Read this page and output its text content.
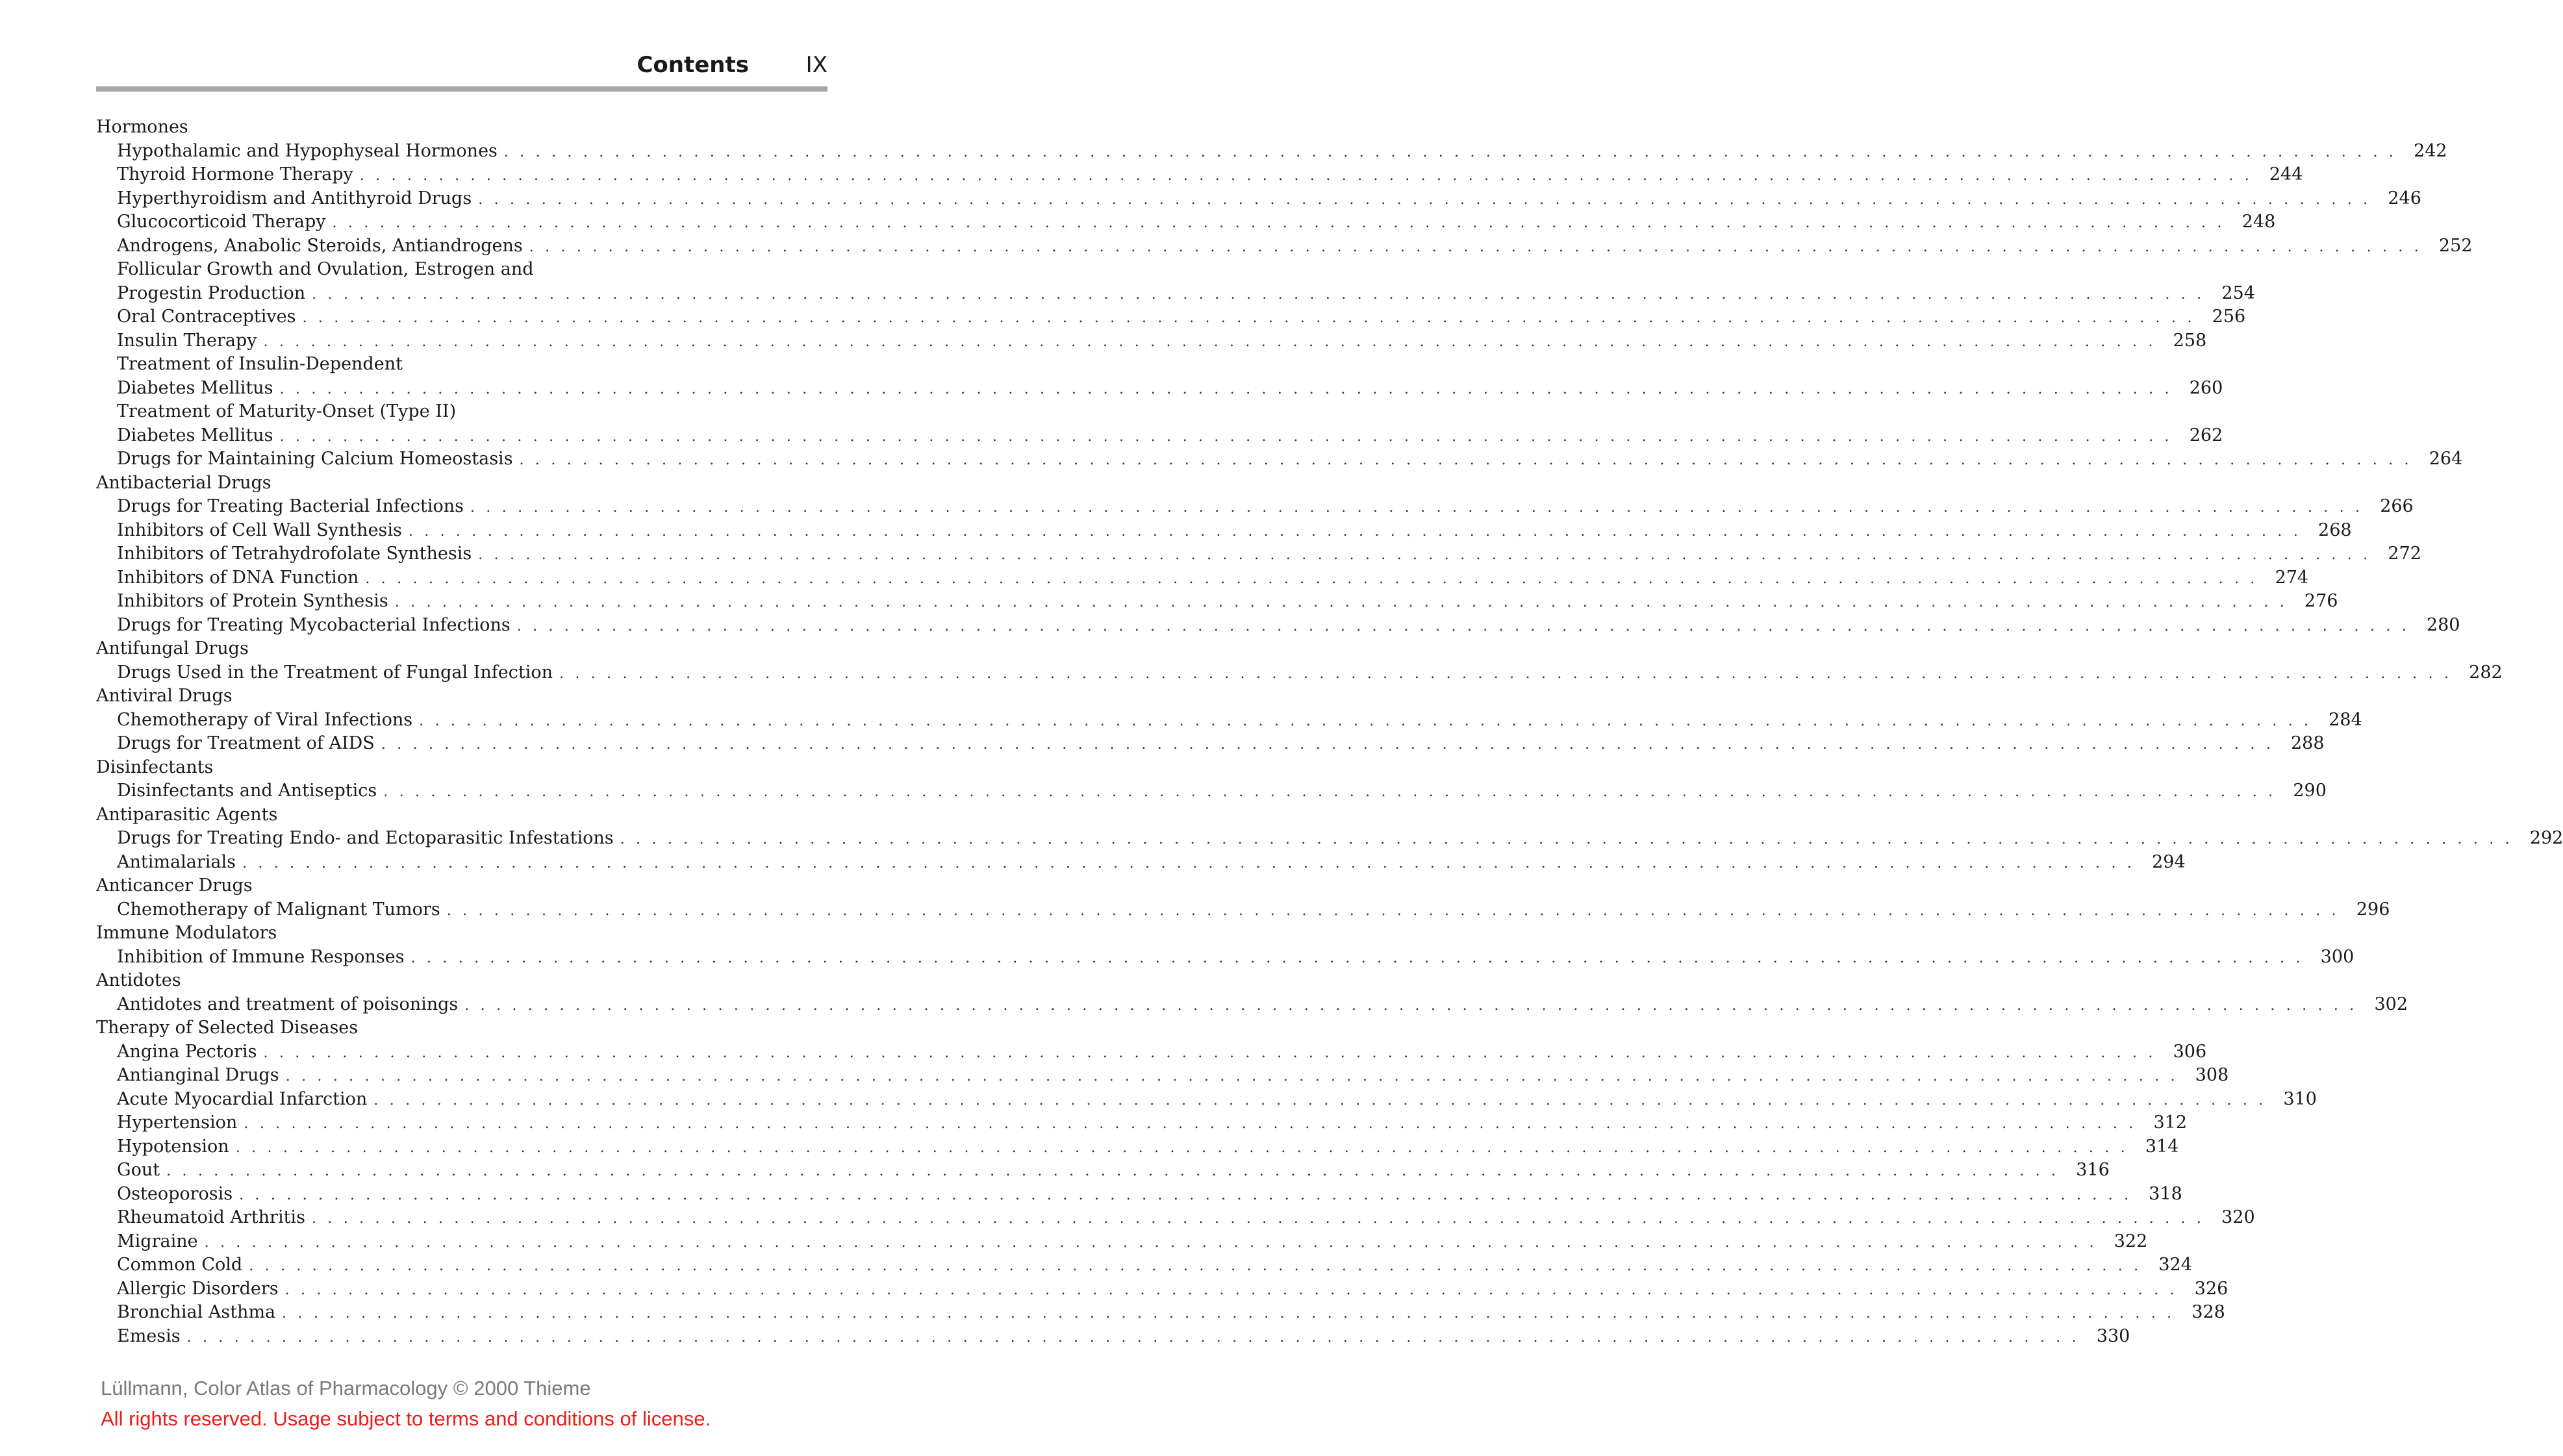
Contents	IX
Hormones
Hypothalamic and Hypophyseal Hormones . . . . . . . . . . . . . . . . . . . . . . . . . . . . . . . . . . . . . . . . . . . . . . . . . . . . . . . . . . . . . . . . . . . . . . . . . . . . . . . . . . . . . . . . . . . . . . . . . . . . . . . . . . . . . . . . . . . . . . . . 242
Thyroid Hormone Therapy . . . . . . . . . . . . . . . . . . . . . . . . . . . . . . . . . . . . . . . . . . . . . . . . . . . . . . . . . . . . . . . . . . . . . . . . . . . . . . . . . . . . . . . . . . . . . . . . . . . . . . . . . . . . . . . . . . . . . . . . 244
Hyperthyroidism and Antithyroid Drugs . . . . . . . . . . . . . . . . . . . . . . . . . . . . . . . . . . . . . . . . . . . . . . . . . . . . . . . . . . . . . . . . . . . . . . . . . . . . . . . . . . . . . . . . . . . . . . . . . . . . . . . . . . . . . . . . . . . . . . . . 246
Glucocorticoid Therapy . . . . . . . . . . . . . . . . . . . . . . . . . . . . . . . . . . . . . . . . . . . . . . . . . . . . . . . . . . . . . . . . . . . . . . . . . . . . . . . . . . . . . . . . . . . . . . . . . . . . . . . . . . . . . . . . . . . . . . . . 248
Androgens, Anabolic Steroids, Antiandrogens . . . . . . . . . . . . . . . . . . . . . . . . . . . . . . . . . . . . . . . . . . . . . . . . . . . . . . . . . . . . . . . . . . . . . . . . . . . . . . . . . . . . . . . . . . . . . . . . . . . . . . . . . . . . . . . . . . . . . . . . 252
Follicular Growth and Ovulation, Estrogen and
Progestin Production . . . . . . . . . . . . . . . . . . . . . . . . . . . . . . . . . . . . . . . . . . . . . . . . . . . . . . . . . . . . . . . . . . . . . . . . . . . . . . . . . . . . . . . . . . . . . . . . . . . . . . . . . . . . . . . . . . . . . . . . 254
Oral Contraceptives . . . . . . . . . . . . . . . . . . . . . . . . . . . . . . . . . . . . . . . . . . . . . . . . . . . . . . . . . . . . . . . . . . . . . . . . . . . . . . . . . . . . . . . . . . . . . . . . . . . . . . . . . . . . . . . . . . . . . . . . 256
Insulin Therapy . . . . . . . . . . . . . . . . . . . . . . . . . . . . . . . . . . . . . . . . . . . . . . . . . . . . . . . . . . . . . . . . . . . . . . . . . . . . . . . . . . . . . . . . . . . . . . . . . . . . . . . . . . . . . . . . . . . . . . . . 258
Treatment of Insulin-Dependent
Diabetes Mellitus . . . . . . . . . . . . . . . . . . . . . . . . . . . . . . . . . . . . . . . . . . . . . . . . . . . . . . . . . . . . . . . . . . . . . . . . . . . . . . . . . . . . . . . . . . . . . . . . . . . . . . . . . . . . . . . . . . . . . . . . 260
Treatment of Maturity-Onset (Type II)
Diabetes Mellitus . . . . . . . . . . . . . . . . . . . . . . . . . . . . . . . . . . . . . . . . . . . . . . . . . . . . . . . . . . . . . . . . . . . . . . . . . . . . . . . . . . . . . . . . . . . . . . . . . . . . . . . . . . . . . . . . . . . . . . . . 262
Drugs for Maintaining Calcium Homeostasis . . . . . . . . . . . . . . . . . . . . . . . . . . . . . . . . . . . . . . . . . . . . . . . . . . . . . . . . . . . . . . . . . . . . . . . . . . . . . . . . . . . . . . . . . . . . . . . . . . . . . . . . . . . . . . . . . . . . . . . . 264
Antibacterial Drugs
Drugs for Treating Bacterial Infections . . . . . . . . . . . . . . . . . . . . . . . . . . . . . . . . . . . . . . . . . . . . . . . . . . . . . . . . . . . . . . . . . . . . . . . . . . . . . . . . . . . . . . . . . . . . . . . . . . . . . . . . . . . . . . . . . . . . . . . . 266
Inhibitors of Cell Wall Synthesis . . . . . . . . . . . . . . . . . . . . . . . . . . . . . . . . . . . . . . . . . . . . . . . . . . . . . . . . . . . . . . . . . . . . . . . . . . . . . . . . . . . . . . . . . . . . . . . . . . . . . . . . . . . . . . . . . . . . . . . . 268
Inhibitors of Tetrahydrofolate Synthesis . . . . . . . . . . . . . . . . . . . . . . . . . . . . . . . . . . . . . . . . . . . . . . . . . . . . . . . . . . . . . . . . . . . . . . . . . . . . . . . . . . . . . . . . . . . . . . . . . . . . . . . . . . . . . . . . . . . . . . . . 272
Inhibitors of DNA Function . . . . . . . . . . . . . . . . . . . . . . . . . . . . . . . . . . . . . . . . . . . . . . . . . . . . . . . . . . . . . . . . . . . . . . . . . . . . . . . . . . . . . . . . . . . . . . . . . . . . . . . . . . . . . . . . . . . . . . . . 274
Inhibitors of Protein Synthesis . . . . . . . . . . . . . . . . . . . . . . . . . . . . . . . . . . . . . . . . . . . . . . . . . . . . . . . . . . . . . . . . . . . . . . . . . . . . . . . . . . . . . . . . . . . . . . . . . . . . . . . . . . . . . . . . . . . . . . . . 276
Drugs for Treating Mycobacterial Infections . . . . . . . . . . . . . . . . . . . . . . . . . . . . . . . . . . . . . . . . . . . . . . . . . . . . . . . . . . . . . . . . . . . . . . . . . . . . . . . . . . . . . . . . . . . . . . . . . . . . . . . . . . . . . . . . . . . . . . . . 280
Antifungal Drugs
Drugs Used in the Treatment of Fungal Infection . . . . . . . . . . . . . . . . . . . . . . . . . . . . . . . . . . . . . . . . . . . . . . . . . . . . . . . . . . . . . . . . . . . . . . . . . . . . . . . . . . . . . . . . . . . . . . . . . . . . . . . . . . . . . . . . . . . . . . . . 282
Antiviral Drugs
Chemotherapy of Viral Infections . . . . . . . . . . . . . . . . . . . . . . . . . . . . . . . . . . . . . . . . . . . . . . . . . . . . . . . . . . . . . . . . . . . . . . . . . . . . . . . . . . . . . . . . . . . . . . . . . . . . . . . . . . . . . . . . . . . . . . . . 284
Drugs for Treatment of AIDS . . . . . . . . . . . . . . . . . . . . . . . . . . . . . . . . . . . . . . . . . . . . . . . . . . . . . . . . . . . . . . . . . . . . . . . . . . . . . . . . . . . . . . . . . . . . . . . . . . . . . . . . . . . . . . . . . . . . . . . . 288
Disinfectants
Disinfectants and Antiseptics . . . . . . . . . . . . . . . . . . . . . . . . . . . . . . . . . . . . . . . . . . . . . . . . . . . . . . . . . . . . . . . . . . . . . . . . . . . . . . . . . . . . . . . . . . . . . . . . . . . . . . . . . . . . . . . . . . . . . . . . 290
Antiparasitic Agents
Drugs for Treating Endo- and Ectoparasitic Infestations . . . . . . . . . . . . . . . . . . . . . . . . . . . . . . . . . . . . . . . . . . . . . . . . . . . . . . . . . . . . . . . . . . . . . . . . . . . . . . . . . . . . . . . . . . . . . . . . . . . . . . . . . . . . . . . . . . . . . . . . 292
Antimalarials . . . . . . . . . . . . . . . . . . . . . . . . . . . . . . . . . . . . . . . . . . . . . . . . . . . . . . . . . . . . . . . . . . . . . . . . . . . . . . . . . . . . . . . . . . . . . . . . . . . . . . . . . . . . . . . . . . . . . . . . 294
Anticancer Drugs
Chemotherapy of Malignant Tumors . . . . . . . . . . . . . . . . . . . . . . . . . . . . . . . . . . . . . . . . . . . . . . . . . . . . . . . . . . . . . . . . . . . . . . . . . . . . . . . . . . . . . . . . . . . . . . . . . . . . . . . . . . . . . . . . . . . . . . . . 296
Immune Modulators
Inhibition of Immune Responses . . . . . . . . . . . . . . . . . . . . . . . . . . . . . . . . . . . . . . . . . . . . . . . . . . . . . . . . . . . . . . . . . . . . . . . . . . . . . . . . . . . . . . . . . . . . . . . . . . . . . . . . . . . . . . . . . . . . . . . . 300
Antidotes
Antidotes and treatment of poisonings . . . . . . . . . . . . . . . . . . . . . . . . . . . . . . . . . . . . . . . . . . . . . . . . . . . . . . . . . . . . . . . . . . . . . . . . . . . . . . . . . . . . . . . . . . . . . . . . . . . . . . . . . . . . . . . . . . . . . . . . 302
Therapy of Selected Diseases
Angina Pectoris . . . . . . . . . . . . . . . . . . . . . . . . . . . . . . . . . . . . . . . . . . . . . . . . . . . . . . . . . . . . . . . . . . . . . . . . . . . . . . . . . . . . . . . . . . . . . . . . . . . . . . . . . . . . . . . . . . . . . . . . 306
Antianginal Drugs . . . . . . . . . . . . . . . . . . . . . . . . . . . . . . . . . . . . . . . . . . . . . . . . . . . . . . . . . . . . . . . . . . . . . . . . . . . . . . . . . . . . . . . . . . . . . . . . . . . . . . . . . . . . . . . . . . . . . . . . 308
Acute Myocardial Infarction . . . . . . . . . . . . . . . . . . . . . . . . . . . . . . . . . . . . . . . . . . . . . . . . . . . . . . . . . . . . . . . . . . . . . . . . . . . . . . . . . . . . . . . . . . . . . . . . . . . . . . . . . . . . . . . . . . . . . . . . 310
Hypertension . . . . . . . . . . . . . . . . . . . . . . . . . . . . . . . . . . . . . . . . . . . . . . . . . . . . . . . . . . . . . . . . . . . . . . . . . . . . . . . . . . . . . . . . . . . . . . . . . . . . . . . . . . . . . . . . . . . . . . . . 312
Hypotension . . . . . . . . . . . . . . . . . . . . . . . . . . . . . . . . . . . . . . . . . . . . . . . . . . . . . . . . . . . . . . . . . . . . . . . . . . . . . . . . . . . . . . . . . . . . . . . . . . . . . . . . . . . . . . . . . . . . . . . . 314
Gout . . . . . . . . . . . . . . . . . . . . . . . . . . . . . . . . . . . . . . . . . . . . . . . . . . . . . . . . . . . . . . . . . . . . . . . . . . . . . . . . . . . . . . . . . . . . . . . . . . . . . . . . . . . . . . . . . . . . . . . . 316
Osteoporosis . . . . . . . . . . . . . . . . . . . . . . . . . . . . . . . . . . . . . . . . . . . . . . . . . . . . . . . . . . . . . . . . . . . . . . . . . . . . . . . . . . . . . . . . . . . . . . . . . . . . . . . . . . . . . . . . . . . . . . . . 318
Rheumatoid Arthritis . . . . . . . . . . . . . . . . . . . . . . . . . . . . . . . . . . . . . . . . . . . . . . . . . . . . . . . . . . . . . . . . . . . . . . . . . . . . . . . . . . . . . . . . . . . . . . . . . . . . . . . . . . . . . . . . . . . . . . . . 320
Migraine . . . . . . . . . . . . . . . . . . . . . . . . . . . . . . . . . . . . . . . . . . . . . . . . . . . . . . . . . . . . . . . . . . . . . . . . . . . . . . . . . . . . . . . . . . . . . . . . . . . . . . . . . . . . . . . . . . . . . . . . 322
Common Cold . . . . . . . . . . . . . . . . . . . . . . . . . . . . . . . . . . . . . . . . . . . . . . . . . . . . . . . . . . . . . . . . . . . . . . . . . . . . . . . . . . . . . . . . . . . . . . . . . . . . . . . . . . . . . . . . . . . . . . . . 324
Allergic Disorders . . . . . . . . . . . . . . . . . . . . . . . . . . . . . . . . . . . . . . . . . . . . . . . . . . . . . . . . . . . . . . . . . . . . . . . . . . . . . . . . . . . . . . . . . . . . . . . . . . . . . . . . . . . . . . . . . . . . . . . . 326
Bronchial Asthma . . . . . . . . . . . . . . . . . . . . . . . . . . . . . . . . . . . . . . . . . . . . . . . . . . . . . . . . . . . . . . . . . . . . . . . . . . . . . . . . . . . . . . . . . . . . . . . . . . . . . . . . . . . . . . . . . . . . . . . . 328
Emesis . . . . . . . . . . . . . . . . . . . . . . . . . . . . . . . . . . . . . . . . . . . . . . . . . . . . . . . . . . . . . . . . . . . . . . . . . . . . . . . . . . . . . . . . . . . . . . . . . . . . . . . . . . . . . . . . . . . . . . . . 330
Lüllmann, Color Atlas of Pharmacology © 2000 Thieme
All rights reserved. Usage subject to terms and conditions of license.
